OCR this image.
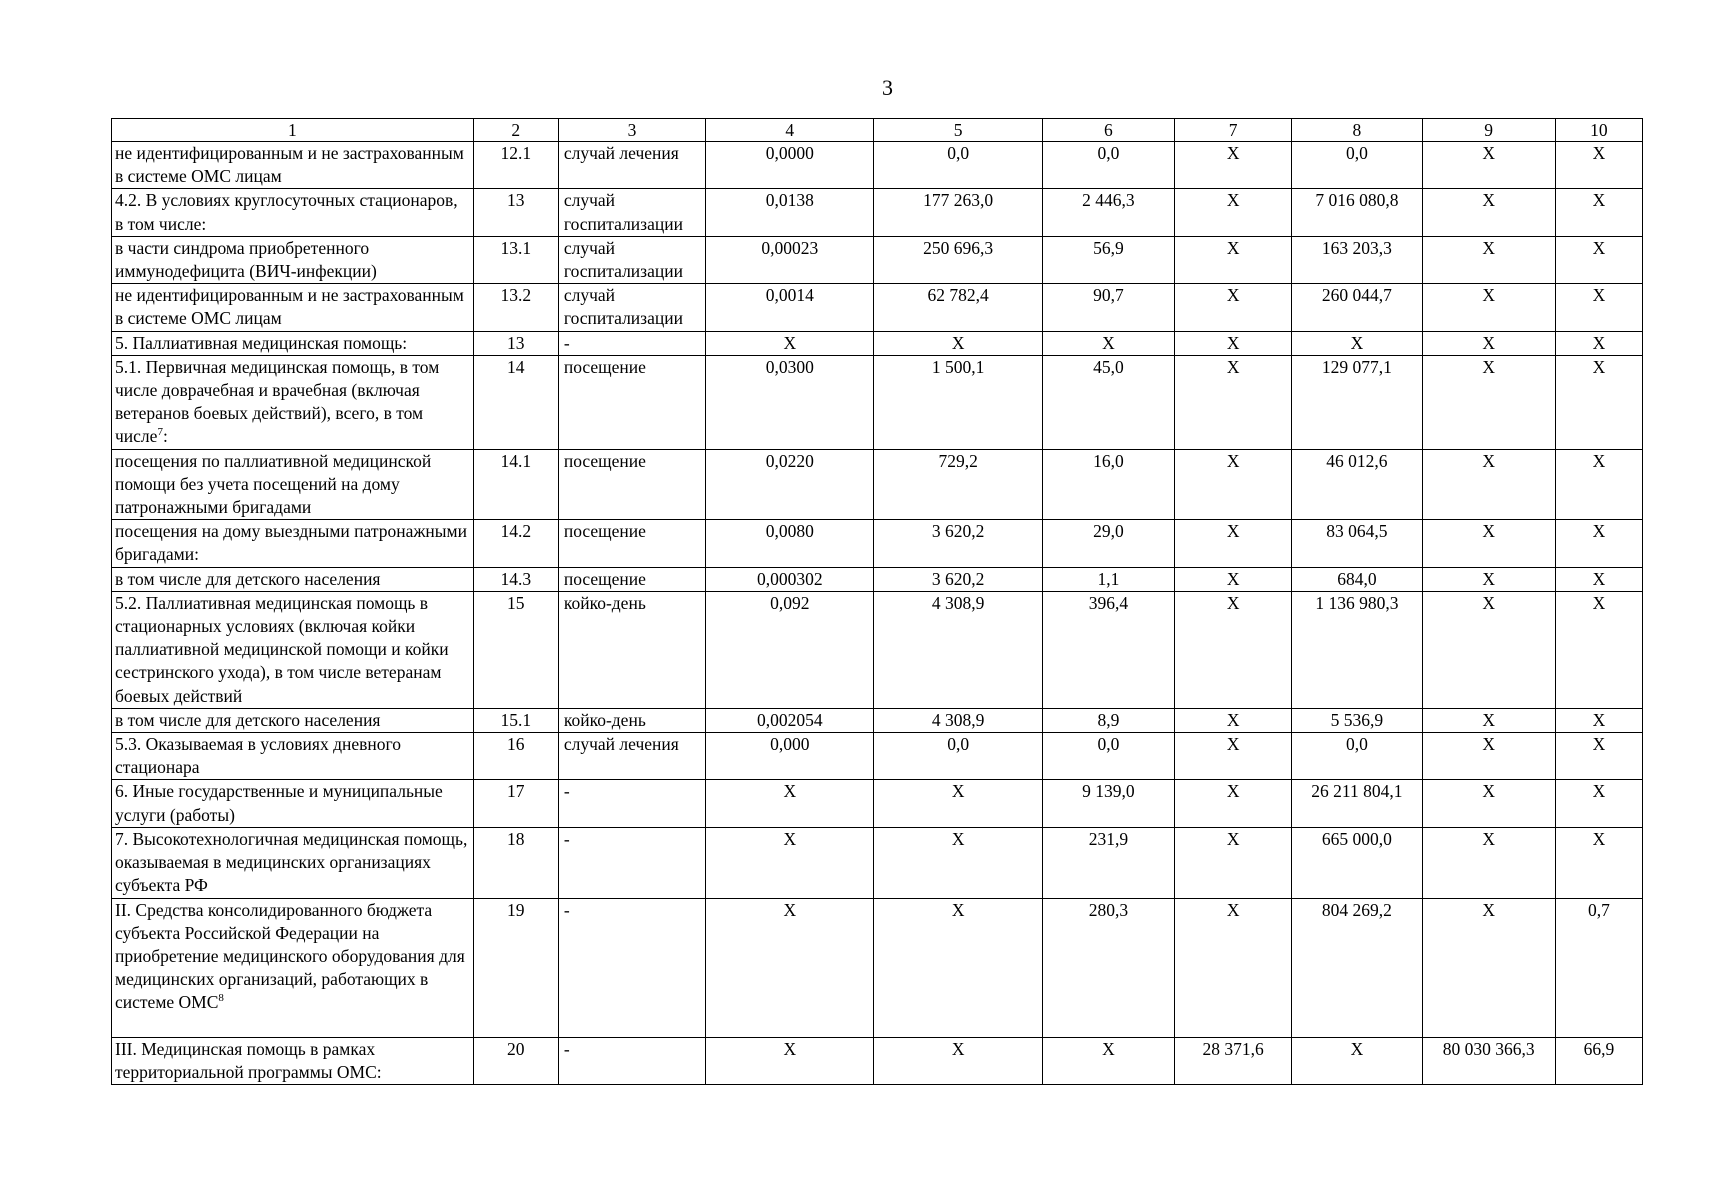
3
1	2	3	4	5	6	7	8	9	10
не идентифицированным и не застрахованным в системе ОМС лицам	12.1	случай лечения	0,0000	0,0	0,0	X	0,0	X	X
4.2. В условиях круглосуточных стационаров, в том числе:	13	случай госпитализации	0,0138	177 263,0	2 446,3	X	7 016 080,8	X	X
в части синдрома приобретенного иммунодефицита (ВИЧ-инфекции)	13.1	случай госпитализации	0,00023	250 696,3	56,9	X	163 203,3	X	X
не идентифицированным и не застрахованным в системе ОМС лицам	13.2	случай госпитализации	0,0014	62 782,4	90,7	X	260 044,7	X	X
5. Паллиативная медицинская помощь:	13	-	X	X	X	X	X	X	X
5.1. Первичная медицинская помощь, в том числе доврачебная и врачебная (включая ветеранов боевых действий), всего, в том числе$^7$:	14	посещение	0,0300	1 500,1	45,0	X	129 077,1	X	X
посещения по паллиативной медицинской помощи без учета посещений на дому патронажными бригадами	14.1	посещение	0,0220	729,2	16,0	X	46 012,6	X	X
посещения на дому выездными патронажными бригадами:	14.2	посещение	0,0080	3 620,2	29,0	X	83 064,5	X	X
в том числе для детского населения	14.3	посещение	0,000302	3 620,2	1,1	X	684,0	X	X
5.2. Паллиативная медицинская помощь в стационарных условиях (включая койки паллиативной медицинской помощи и койки сестринского ухода), в том числе ветеранам боевых действий	15	койко-день	0,092	4 308,9	396,4	X	1 136 980,3	X	X
в том числе для детского населения	15.1	койко-день	0,002054	4 308,9	8,9	X	5 536,9	X	X
5.3. Оказываемая в условиях дневного стационара	16	случай лечения	0,000	0,0	0,0	X	0,0	X	X
6. Иные государственные и муниципальные услуги (работы)	17	-	X	X	9 139,0	X	26 211 804,1	X	X
7. Высокотехнологичная медицинская помощь, оказываемая в медицинских организациях субъекта РФ	18	-	X	X	231,9	X	665 000,0	X	X
II. Средства консолидированного бюджета субъекта Российской Федерации на приобретение медицинского оборудования для медицинских организаций, работающих в системе ОМС$^8$	19	-	X	X	280,3	X	804 269,2	X	0,7
III. Медицинская помощь в рамках территориальной программы ОМС:	20	-	X	X	X	28 371,6	X	80 030 366,3	66,9
